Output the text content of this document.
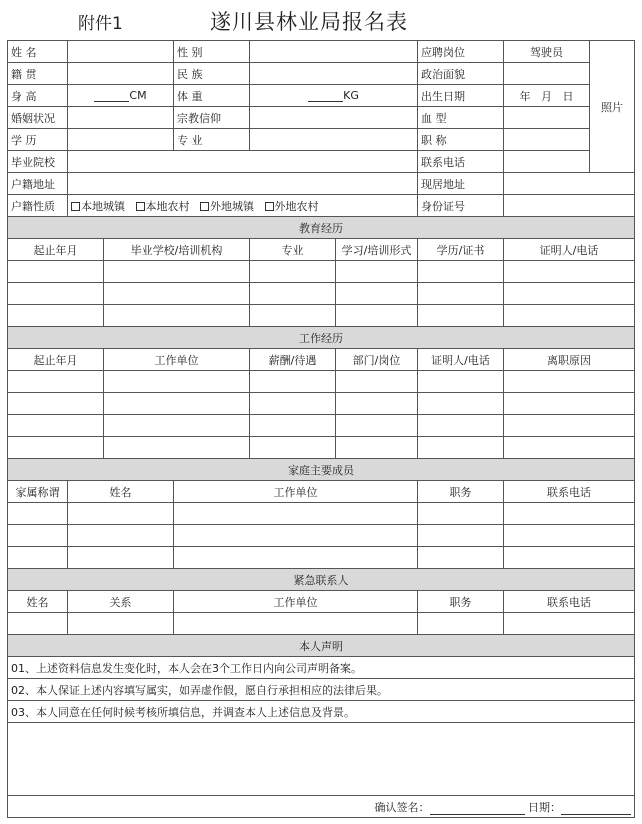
附件1	遂川县林业局报名表
姓 名			性 别			应聘岗位	驾驶员	照片
籍 贯			民 族			政治面貌		
身 高	CM		体 重	KG		出生日期	年 月 日	
婚姻状况			宗教信仰			血 型		
学 历			专 业			职 称		
毕业院校						联系电话		
户籍地址						现居地址		
户籍性质	本地城镇 本地农村 外地城镇 外地农村					身份证号		
教育经历								
起止年月		毕业学校/培训机构		专业	学习/培训形式	学历/证书	证明人/电话	

工作经历								
起止年月		工作单位		薪酬/待遇	部门/岗位	证明人/电话	离职原因	

家庭主要成员								
家属称谓	姓名		工作单位			职务	联系电话	

紧急联系人								
姓名	关系		工作单位			职务	联系电话	

本人声明								
01、上述资料信息发生变化时，本人会在3个工作日内向公司声明备案。								
02、本人保证上述内容填写属实，如弄虚作假，愿自行承担相应的法律后果。								
03、本人同意在任何时候考核所填信息，并调查本人上述信息及背景。								

确认签名： 日期：								
